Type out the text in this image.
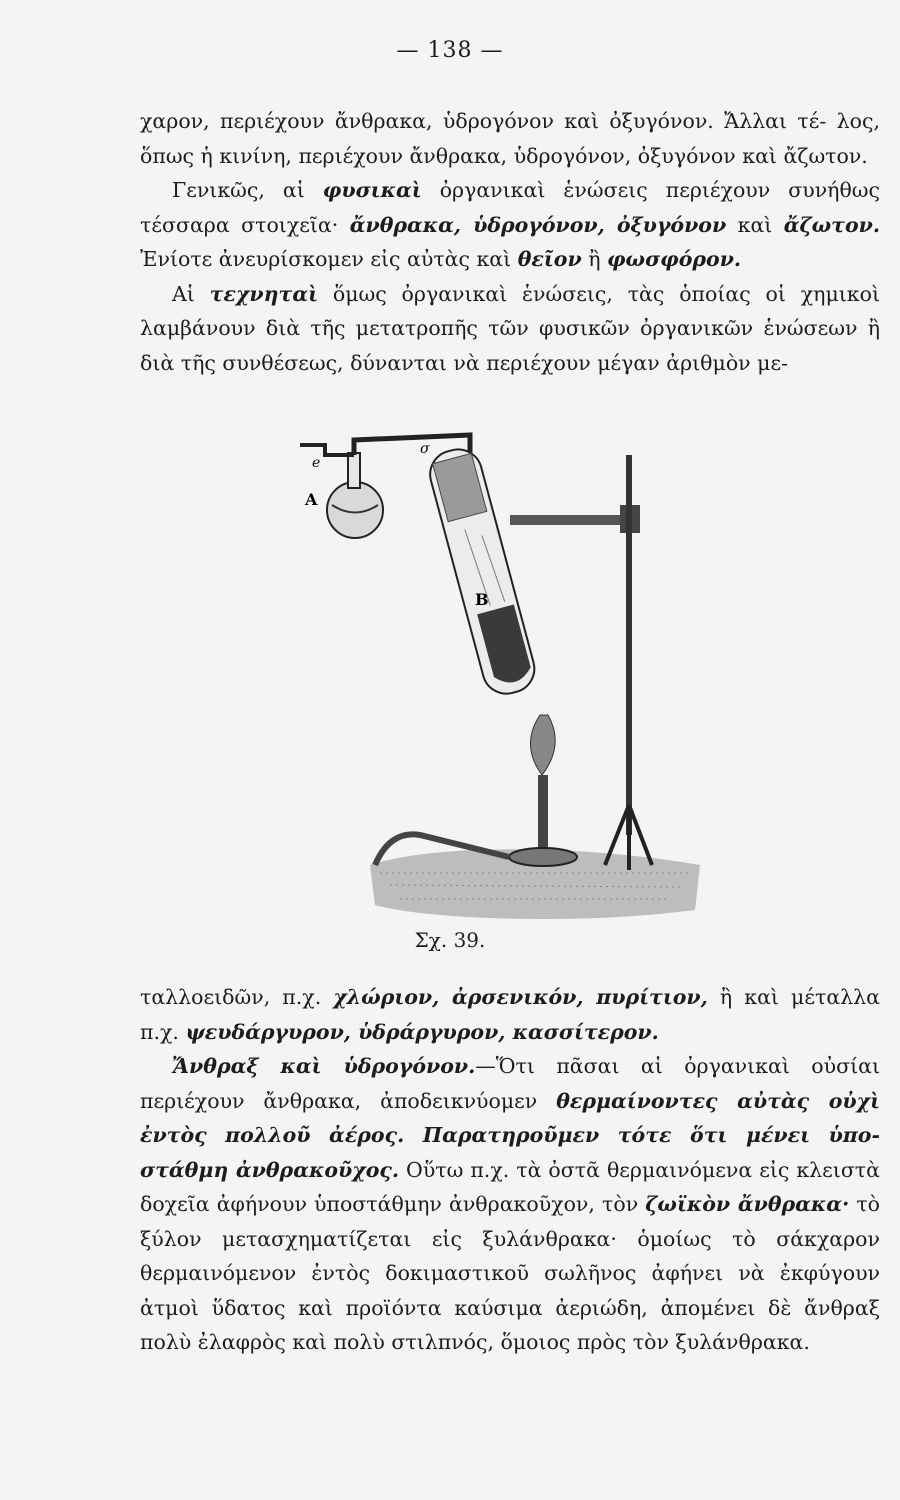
— 138 —

χαρον, περιέχουν ἄνθρακα, ὑδρογόνον καὶ ὀξυγόνον. Ἄλλαι τέ- λος, ὅπως ἡ κινίνη, περιέχουν ἄνθρακα, ὑδρογόνον, ὀξυγόνον καὶ ἄζωτον.

Γενικῶς, αἱ φυσικαὶ ὀργανικαὶ ἑνώσεις περιέχουν συνήθως τέσσαρα στοιχεῖα· ἄνθρακα, ὑδρογόνον, ὀξυγόνον καὶ ἄζωτον. Ἐνίοτε ἀνευρίσκομεν εἰς αὐτὰς καὶ θεῖον ἢ φωσφόρον.

Αἱ τεχνηταὶ ὅμως ὀργανικαὶ ἑνώσεις, τὰς ὁποίας οἱ χημικοὶ λαμβάνουν διὰ τῆς μετατροπῆς τῶν φυσικῶν ὀργανικῶν ἑνώσεων ἢ διὰ τῆς συνθέσεως, δύνανται νὰ περιέχουν μέγαν ἀριθμὸν με-

A
B
σ
e
Σχ. 39.

ταλλοειδῶν, π.χ. χλώριον, ἀρσενικόν, πυρίτιον, ἢ καὶ μέταλλα π.χ. ψευδάργυρον, ὑδράργυρον, κασσίτερον.

Ἄνθραξ καὶ ὑδρογόνον.—Ὅτι πᾶσαι αἱ ὀργανικαὶ οὐσίαι περιέχουν ἄνθρακα, ἀποδεικνύομεν θερμαίνοντες αὐτὰς οὐχὶ ἐντὸς πολλοῦ ἀέρος. Παρατηροῦμεν τότε ὅτι μένει ὑπο-στάθμη ἀνθρακοῦχος. Οὕτω π.χ. τὰ ὀστᾶ θερμαινόμενα εἰς κλειστὰ δοχεῖα ἀφήνουν ὑποστάθμην ἀνθρακοῦχον, τὸν ζωϊκὸν ἄνθρακα· τὸ ξύλον μετασχηματίζεται εἰς ξυλάνθρακα· ὁμοίως τὸ σάκχαρον θερμαινόμενον ἐντὸς δοκιμαστικοῦ σωλῆνος ἀφήνει νὰ ἐκφύγουν ἀτμοὶ ὕδατος καὶ προϊόντα καύσιμα ἀεριώδη, ἀπομένει δὲ ἄνθραξ πολὺ ἐλαφρὸς καὶ πολὺ στιλπνός, ὅμοιος πρὸς τὸν ξυλάνθρακα.
